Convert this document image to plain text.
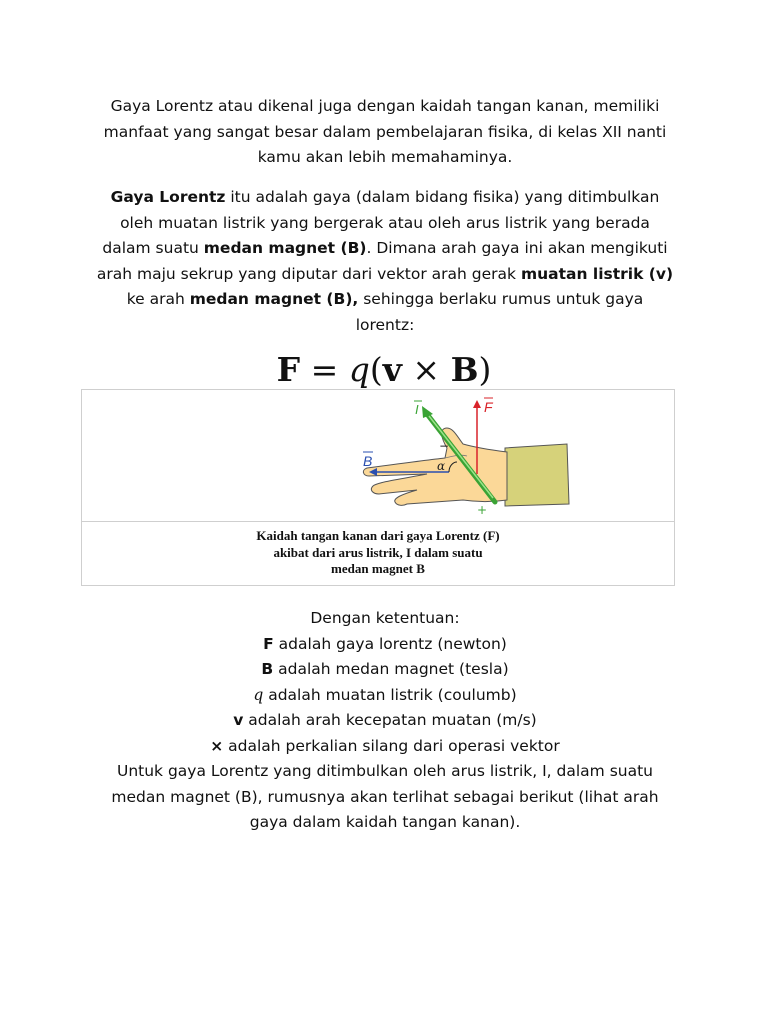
Gaya Lorentz atau dikenal juga dengan kaidah tangan kanan, memiliki manfaat yang sangat besar dalam pembelajaran fisika, di kelas XII nanti kamu akan lebih memahaminya.

Gaya Lorentz itu adalah gaya (dalam bidang fisika) yang ditimbulkan oleh muatan listrik yang bergerak atau oleh arus listrik yang berada dalam suatu medan magnet (B). Dimana arah gaya ini akan mengikuti arah maju sekrup yang diputar dari vektor arah gerak muatan listrik (v) ke arah medan magnet (B), sehingga berlaku rumus untuk gaya lorentz:

F = q(v × B)
I	F
B	α
−
+
Kaidah tangan kanan dari gaya Lorentz (F)
akibat dari arus listrik, I dalam suatu
medan magnet B
Dengan ketentuan:
F adalah gaya lorentz (newton)
B adalah medan magnet (tesla)
q adalah muatan listrik (coulumb)
v adalah arah kecepatan muatan (m/s)
× adalah perkalian silang dari operasi vektor
Untuk gaya Lorentz yang ditimbulkan oleh arus listrik, I, dalam suatu medan magnet (B), rumusnya akan terlihat sebagai berikut (lihat arah gaya dalam kaidah tangan kanan).
